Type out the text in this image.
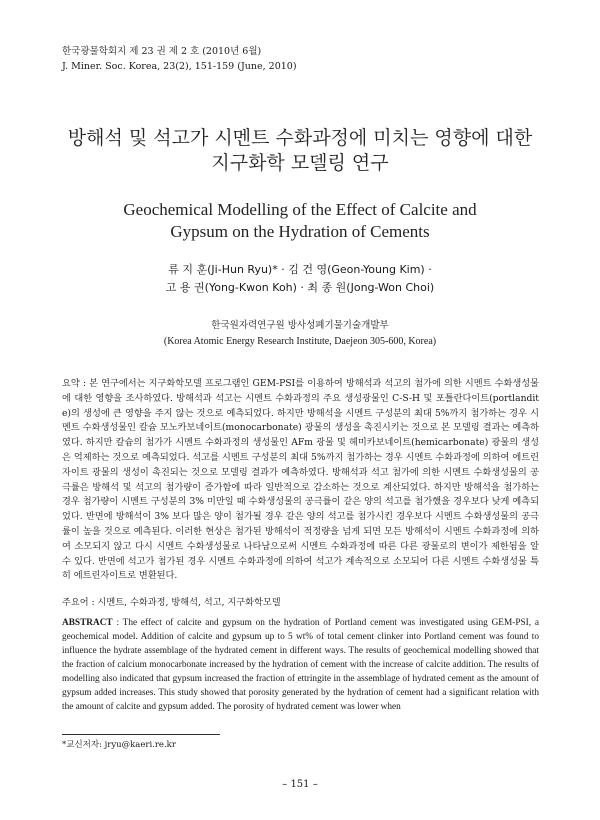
한국광물학회지 제 23 권 제 2 호 (2010년 6월)
J. Miner. Soc. Korea, 23(2), 151-159 (June, 2010)
방해석 및 석고가 시멘트 수화과정에 미치는 영향에 대한
지구화학 모델링 연구
Geochemical Modelling of the Effect of Calcite and
Gypsum on the Hydration of Cements
류 지 훈(Ji-Hun Ryu)* · 김 건 영(Geon-Young Kim) ·
고 용 권(Yong-Kwon Koh) · 최 종 원(Jong-Won Choi)
한국원자력연구원 방사성폐기물기술개발부
(Korea Atomic Energy Research Institute, Daejeon 305-600, Korea)
요약 : 본 연구에서는 지구화학모델 프로그램인 GEM-PSI를 이용하여 방해석과 석고의 첨가에 의한 시멘트 수화생성물에 대한 영향을 조사하였다. 방해석과 석고는 시멘트 수화과정의 주요 생성광물인 C-S-H 및 포틀란다이트(portlandite)의 생성에 큰 영향을 주지 않는 것으로 예측되었다. 하지만 방해석을 시멘트 구성분의 최대 5%까지 첨가하는 경우 시멘트 수화생성물인 칼슘 모노카보네이트(monocarbonate) 광물의 생성을 촉진시키는 것으로 본 모델링 결과는 예측하였다. 하지만 칼슘의 첨가가 시멘트 수화과정의 생성물인 AFm 광물 및 헤미카보네이트(hemicarbonate) 광물의 생성은 억제하는 것으로 예측되었다. 석고를 시멘트 구성분의 최대 5%까지 첨가하는 경우 시멘트 수화과정에 의하여 에트린자이트 광물의 생성이 촉진되는 것으로 모델링 결과가 예측하였다. 방해석과 석고 첨가에 의한 시멘트 수화생성물의 공극률은 방해석 및 석고의 첨가량이 증가함에 따라 일반적으로 감소하는 것으로 계산되었다. 하지만 방해석을 첨가하는 경우 첨가량이 시멘트 구성분의 3% 미만일 때 수화생성물의 공극률이 같은 양의 석고를 첨가했을 경우보다 낮게 예측되었다. 반면에 방해석이 3% 보다 많은 양이 첨가될 경우 같은 양의 석고를 첨가시킨 경우보다 시멘트 수화생성물의 공극률이 높을 것으로 예측된다. 이러한 현상은 첨가된 방해석이 적정량을 넘게 되면 모든 방해석이 시멘트 수화과정에 의하여 소모되지 않고 다시 시멘트 수화생성물로 나타남으로써 시멘트 수화과정에 따른 다른 광물로의 변이가 제한됨을 알 수 있다. 반면에 석고가 첨가된 경우 시멘트 수화과정에 의하여 석고가 계속적으로 소모되어 다른 시멘트 수화생성물 특히 에트린자이트로 변환된다.
주요어 : 시멘트, 수화과정, 방해석, 석고, 지구화학모델
ABSTRACT : The effect of calcite and gypsum on the hydration of Portland cement was investigated using GEM-PSI, a geochemical model. Addition of calcite and gypsum up to 5 wt% of total cement clinker into Portland cement was found to influence the hydrate assemblage of the hydrated cement in different ways. The results of geochemical modelling showed that the fraction of calcium monocarbonate increased by the hydration of cement with the increase of calcite addition. The results of modelling also indicated that gypsum increased the fraction of ettringite in the assemblage of hydrated cement as the amount of gypsum added increases. This study showed that porosity generated by the hydration of cement had a significant relation with the amount of calcite and gypsum added. The porosity of hydrated cement was lower when
*교신저자: jryu@kaeri.re.kr
– 151 –
